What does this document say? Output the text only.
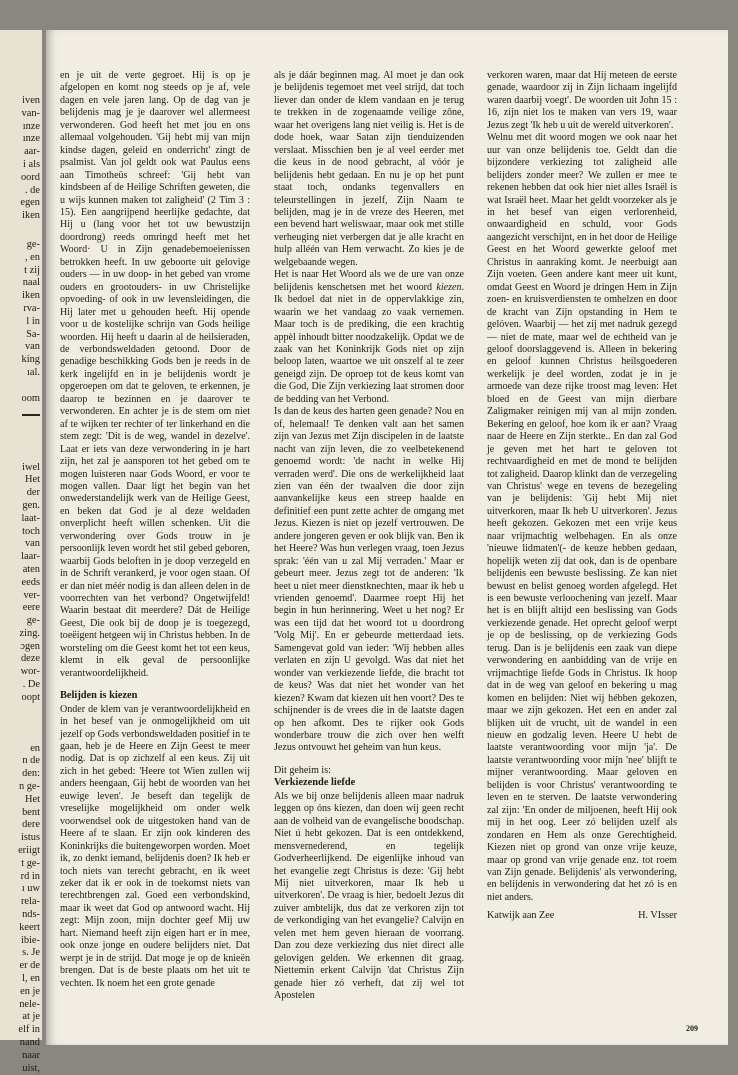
iven
van-
ınze
ınze
aar-
i als
oord
. de
egen
iken
ge-
, en
t zij
naal
iken
rva-
l in
Sa-
van
king
ıal.
oom
iwel
Het
der
gen.
laat-
toch
van
laar-
aten
eeds
ver-
eere
ge-
zing.
ɔgen
deze
wor-
. De
oopt
en
n de
den:
n ge-
Het
bent
dere
istus
eriigt
t ge-
rd in
ı uw
rela-
nds-
keert
ibie-
s. Je
er de
l, en
en je
nele-
at je
elf in
nand
naar
uist,

en je uit de verte gegroet. Hij is op je afgelopen en komt nog steeds op je af, vele dagen en vele jaren lang. Op de dag van je belijdenis mag je je daarover wel allermeest verwonderen. God heeft het met jou en ons allemaal volgehouden. 'Gij hebt mij van mijn kindse dagen, geleid en onderricht' zingt de psalmist. Van jol geldt ook wat Paulus eens aan Timotheüs schreef: 'Gij hebt van kindsbeen af de Heilige Schriften geweten, die u wijs kunnen maken tot zaligheid' (2 Tim 3 : 15). Een aangrijpend heerlijke gedachte, dat Hij u (lang voor het tot uw bewustzijn doordrong) reeds omringd heeft met het Woord· U in Zijn genadebemoeienissen betrokken heeft. In uw geboorte uit gelovige ouders — in uw doop- in het gebed van vrome ouders en grootouders- in uw Christelijke opvoeding- of ook in uw levensleidingen, die Hij later met u gehouden heeft. Hij opende voor u de kostelijke schrijn van Gods heilige woorden. Hij heeft u daarin al de heilsieraden, de verbondsweldaden getoond. Door de genadige beschikking Gods ben je reeds in de kerk ingelijfd en in je belijdenis wordt je opgeroepen om dat te geloven, te erkennen, je daarop te bezinnen en je daarover te verwonderen. En achter je is de stem om niet af te wijken ter rechter of ter linkerhand en die stem zegt: 'Dit is de weg, wandel in dezelve'. Laat er iets van deze verwondering in je hart zijn, het zal je aansporen tot het gebed om te mogen luisteren naar Gods Woord, er voor te mogen vallen. Daar ligt het begin van het onwederstandelijk werk van de Heilige Geest, en beken dat God je al deze weldaden onverplicht heeft willen schenken. Uit die verwondering over Gods trouw in je persoonlijk leven wordt het stil gebed geboren, waarbij Gods beloften in je doop verzegeld en in de Schrift verankerd, je voor ogen staan. Of er dan niet méér nodig is dan alleen delen in de voorrechten van het verbond? Ongetwijfeld! Waarin bestaat dit meerdere? Dát de Heilige Geest, Die ook bij de doop je is toegezegd, toeëigent hetgeen wij in Christus hebben. In de worsteling om die Geest komt het tot een keus, klemt in elk geval de persoonlijke verantwoordelijkheid.

Belijden is kiezen

Onder de klem van je verantwoordelijkheid en in het besef van je onmogelijkheid om uit jezelf op Gods verbondsweldaden positief in te gaan, heb je de Heere en Zijn Geest te meer nodig. Dat is op zichzelf al een keus. Zij uit zich in het gebed: 'Heere tot Wien zullen wij anders heengaan, Gij hebt de woorden van het euwige leven'. Je beseft dan tegelijk de vreselijke mogelijkheid om onder welk voorwendsel ook de uitgestoken hand van de Heere af te slaan. Er zijn ook kinderen des Koninkrijks die buitengeworpen worden. Moet ik, zo denkt iemand, belijdenis doen? Ik heb er toch niets van terecht gebracht, en ik weet zeker dat ik er ook in de toekomst niets van terechtbrengen zal. Goed een verbondskind, maar ik weet dat God op antwoord wacht. Hij zegt: Mijn zoon, mijn dochter geef Mij uw hart. Niemand heeft zijn eigen hart er in mee, ook onze jonge en oudere belijders niet. Dat werpt je in de strijd. Dat moge je op de knieën brengen. Dat is de beste plaats om het uit te vechten. Ik noem het een grote genade

als je dáár beginnen mag. Al moet je dan ook je belijdenis tegemoet met veel strijd, dat toch liever dan onder de klem vandaan en je terug te trekken in de zogenaamde veilige zône, waar het overigens lang niet veilig is. Het is de dode hoek, waar Satan zijn tienduizenden verslaat. Misschien ben je al veel eerder met die keus in de nood gebracht, al vóór je belijdenis hebt gedaan. En nu je op het punt staat toch, ondanks tegenvallers en teleurstellingen in jezelf, Zijn Naam te belijden, mag je in de vreze des Heeren, met een bevend hart weliswaar, maar ook met stille verheuging niet verbergen dat je alle kracht en hulp alléén van Hem verwacht. Zo kies je de welgebaande wegen.

Het is naar Het Woord als we de ure van onze belijdenis kenschetsen met het woord kiezen. Ik bedoel dat niet in de oppervlakkige zin, waarin we het vandaag zo vaak vernemen. Maar toch is de prediking, die een krachtig appèl inhoudt bitter noodzakelijk. Opdat we de zaak van het Koninkrijk Gods niet op zijn beloop laten, waartoe we uit onszelf al te zeer geneigd zijn. De oproep tot de keus komt van die God, Die Zijn verkiezing laat stromen door de bedding van het Verbond.

Is dan de keus des harten geen genade? Nou en of, helemaal! Te denken valt aan het samen zijn van Jezus met Zijn discipelen in de laatste nacht van zijn leven, die zo veelbetekenend genoemd wordt: 'de nacht in welke Hij verraden werd'. Die ons de werkelijkheid laat zien van één der twaalven die door zijn aanvankelijke keus een streep haalde en definitief een punt zette achter de omgang met Jezus. Kiezen is niet op jezelf vertrouwen. De andere jongeren geven er ook blijk van. Ben ik het Heere? Was hun verlegen vraag, toen Jezus sprak: 'één van u zal Mij verraden.' Maar er gebeurt meer. Jezus zegt tot de anderen: 'Ik heet u niet meer dienstknechten, maar ik heb u vrienden genoemd'. Daarmee roept Hij het begin in hun herinnering. Weet u het nog? Er was een tijd dat het woord tot u doordrong 'Volg Mij'. En er gebeurde metterdaad iets. Samengevat gold van ieder: 'Wij hebben alles verlaten en zijn U gevolgd. Was dat niet het wonder van verkiezende liefde, die bracht tot de keus? Was dat niet het wonder van het kiezen? Kwam dat kiezen uit hen voort? Des te schijnender is de vrees die in de laatste dagen op hen afkomt. Des te rijker ook Gods wonderbare trouw die zich over hen welft Jezus ontvouwt het geheim van hun keus.

Dit geheim is:

Verkiezende liefde

Als we bij onze belijdenis alleen maar nadruk leggen op óns kiezen, dan doen wij geen recht aan de volheid van de evangelische boodschap. Niet ú hebt gekozen. Dat is een ontdekkend, mensvernederend, en tegelijk Godverheerlijkend. De eigenlijke inhoud van het evangelie zegt Christus is deze: 'Gij hebt Mij niet uitverkoren, maar Ik heb u uitverkoren'. De vraag is hier, bedoelt Jezus dit zuiver ambtelijk, dus dat ze verkoren zijn tot de verkondiging van het evangelie? Calvijn en velen met hem geven hieraan de voorrang. Dan zou deze verkiezing dus niet direct alle gelovigen gelden. We erkennen dit graag. Niettemin erkent Calvijn 'dat Christus Zijn genade hier zó verheft, dat zij wel tot Apostelen

verkoren waren, maar dat Hij meteen de eerste genade, waardoor zij in Zijn lichaam ingelijfd waren daarbij voegt'. De woorden uit John 15 : 16, zijn niet los te maken van vers 19, waar Jezus zegt 'Ik heb u uit de wereld uitverkoren'.

Welnu met dit woord mogen we ook naar het uur van onze belijdenis toe. Geldt dan die bijzondere verkiezing tot zaligheid alle belijders zonder meer? We zullen er mee te rekenen hebben dat ook hier niet alles Israël is wat Israël heet. Maar het geldt voorzeker als je in het besef van eigen verlorenheid, onwaardigheid en schuld, voor Gods aangezicht verschijnt, en in het door de Heilige Geest en het Woord gewerkte geloof met Christus in aanraking komt. Je neerbuigt aan Zijn voeten. Geen andere kant meer uit kunt, omdat Geest en Woord je dringen Hem in Zijn zoen- en kruisverdiensten te omhelzen en door de kracht van Zijn opstanding in Hem te gelóven. Waarbij — het zij met nadruk gezegd — niet de mate, maar wel de echtheid van je geloof doorslaggevend is. Alleen in bekering en geloof kunnen Christus heilsgoederen werkelijk je deel worden, zodat je in je armoede van deze rijke troost mag leven: Het bloed en de Geest van mijn dierbare Zaligmaker reinigen mij van al mijn zonden. Bekering en geloof, hoe kom ik er aan? Vraag naar de Heere en Zijn sterkte.. En dan zal God je geven met het hart te geloven tot rechtvaardigheid en met de mond te belijden tot zaligheid. Daarop klinkt dan de verzegeling van Christus' wege en tevens de bezegeling van je belijdenis: 'Gij hebt Mij niet uitverkoren, maar Ik heb U uitverkoren'. Jezus heeft gekozen. Gekozen met een vrije keus naar vrijmachtig welbehagen. En als onze 'nieuwe lidmaten'(- de keuze hebben gedaan, hopelijk weten zij dat ook, dan is de openbare belijdenis een bewuste beslissing. Ze kan niet bewust en belist genoeg worden afgelegd. Het is een bewuste verloochening van jezelf. Maar het is en blijft altijd een beslissing van Gods verkiezende genade. Het oprecht geloof werpt je op de beslissing, op de verkiezing Gods terug. Dan is je belijdenis een zaak van diepe verwondering en aanbidding van de vrije en vrijmachtige liefde Gods in Christus. Ik hoop dat in de weg van geloof en bekering u mag komen en belijden: Niet wij hébben gekozen, maar we zijn gekozen. Het een en ander zal blijken uit de vrucht, uit de wandel in een nieuw en godzalig leven. Heere U hebt de laatste verantwoording voor mijn 'ja'. De laatste verantwoording voor mijn 'nee' blijft te mijner verantwoording. Maar geloven en belijden is voor Christus' verantwoording te leven en te sterven. De laatste verwondering zal zijn: 'En onder de miljoenen, heeft Hij ook mij in het oog. Leer zó belijden uzelf als zondaren en Hem als onze Gerechtigheid. Kiezen niet op grond van onze vrije keuze, maar op grond van vrije genade enz. tot roem van Zijn genade. Belijdenis' als verwondering, en belijdenis in verwondering dat het zó is en niet anders.

Katwijk aan Zee	H. VIsser
209
